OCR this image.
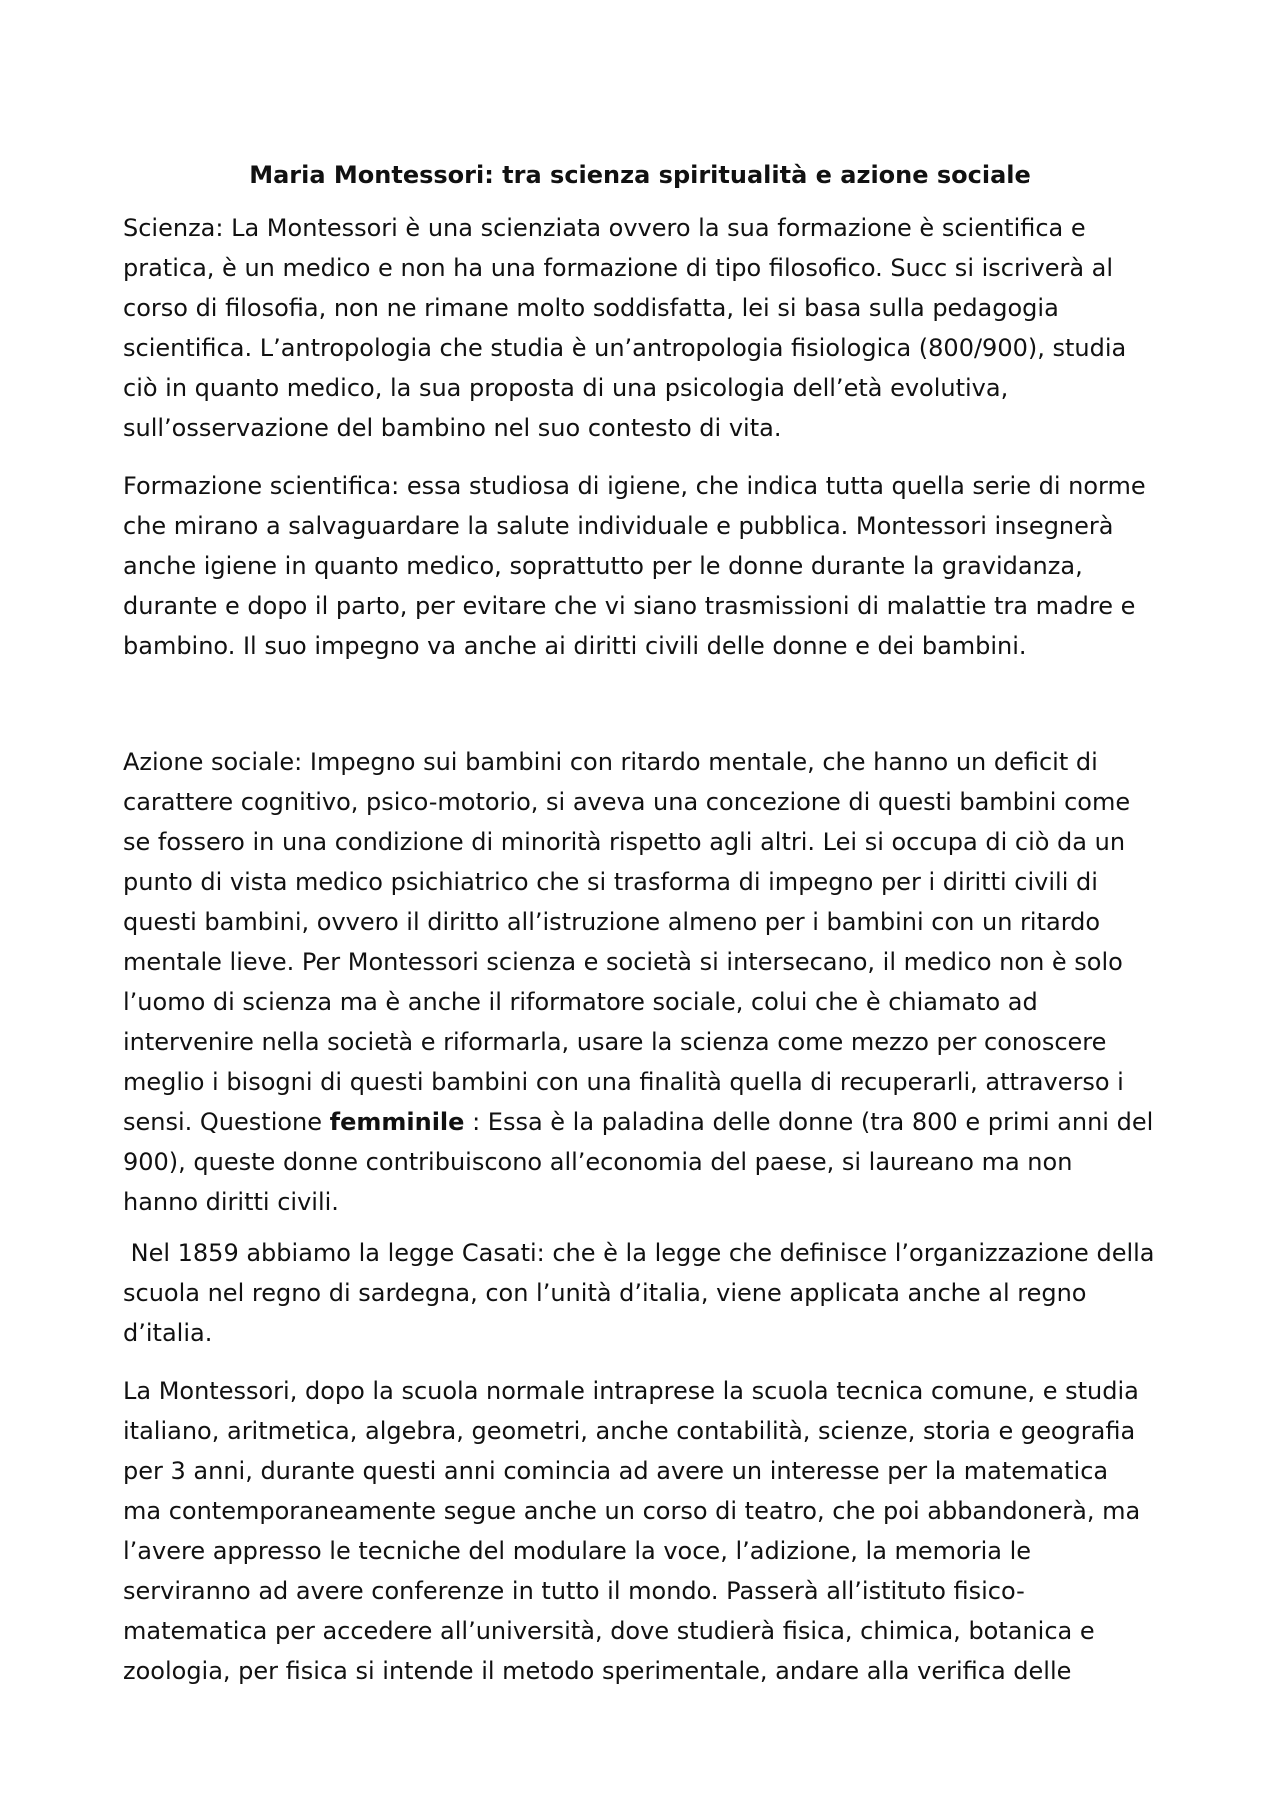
Maria Montessori: tra scienza spiritualità e azione sociale

Scienza: La Montessori è una scienziata ovvero la sua formazione è scientifica e
pratica, è un medico e non ha una formazione di tipo filosofico. Succ si iscriverà al
corso di filosofia, non ne rimane molto soddisfatta, lei si basa sulla pedagogia
scientifica. L’antropologia che studia è un’antropologia fisiologica (800/900), studia
ciò in quanto medico, la sua proposta di una psicologia dell’età evolutiva,
sull’osservazione del bambino nel suo contesto di vita.

Formazione scientifica: essa studiosa di igiene, che indica tutta quella serie di norme
che mirano a salvaguardare la salute individuale e pubblica. Montessori insegnerà
anche igiene in quanto medico, soprattutto per le donne durante la gravidanza,
durante e dopo il parto, per evitare che vi siano trasmissioni di malattie tra madre e
bambino. Il suo impegno va anche ai diritti civili delle donne e dei bambini.

Azione sociale: Impegno sui bambini con ritardo mentale, che hanno un deficit di
carattere cognitivo, psico-motorio, si aveva una concezione di questi bambini come
se fossero in una condizione di minorità rispetto agli altri. Lei si occupa di ciò da un
punto di vista medico psichiatrico che si trasforma di impegno per i diritti civili di
questi bambini, ovvero il diritto all’istruzione almeno per i bambini con un ritardo
mentale lieve. Per Montessori scienza e società si intersecano, il medico non è solo
l’uomo di scienza ma è anche il riformatore sociale, colui che è chiamato ad
intervenire nella società e riformarla, usare la scienza come mezzo per conoscere
meglio i bisogni di questi bambini con una finalità quella di recuperarli, attraverso i
sensi. Questione femminile : Essa è la paladina delle donne (tra 800 e primi anni del
900), queste donne contribuiscono all’economia del paese, si laureano ma non
hanno diritti civili.

Nel 1859 abbiamo la legge Casati: che è la legge che definisce l’organizzazione della
scuola nel regno di sardegna, con l’unità d’italia, viene applicata anche al regno
d’italia.

La Montessori, dopo la scuola normale intraprese la scuola tecnica comune, e studia
italiano, aritmetica, algebra, geometri, anche contabilità, scienze, storia e geografia
per 3 anni, durante questi anni comincia ad avere un interesse per la matematica
ma contemporaneamente segue anche un corso di teatro, che poi abbandonerà, ma
l’avere appresso le tecniche del modulare la voce, l’adizione, la memoria le
serviranno ad avere conferenze in tutto il mondo. Passerà all’istituto fisico-
matematica per accedere all’università, dove studierà fisica, chimica, botanica e
zoologia, per fisica si intende il metodo sperimentale, andare alla verifica delle
